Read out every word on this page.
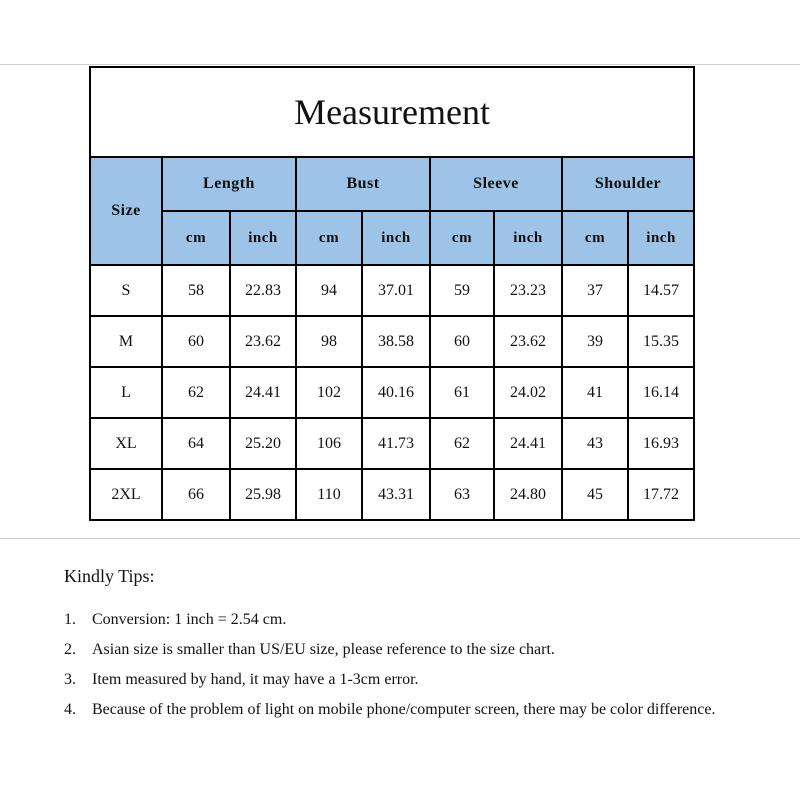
Measurement								
Size	Length		Bust		Sleeve		Shoulder	
	cm	inch	cm	inch	cm	inch	cm	inch
S	58	22.83	94	37.01	59	23.23	37	14.57
M	60	23.62	98	38.58	60	23.62	39	15.35
L	62	24.41	102	40.16	61	24.02	41	16.14
XL	64	25.20	106	41.73	62	24.41	43	16.93
2XL	66	25.98	110	43.31	63	24.80	45	17.72
Kindly Tips:
1.	Conversion: 1 inch = 2.54 cm.
2.	Asian size is smaller than US/EU size, please reference to the size chart.
3.	Item measured by hand, it may have a 1-3cm error.
4.	Because of the problem of light on mobile phone/computer screen, there may be color difference.
